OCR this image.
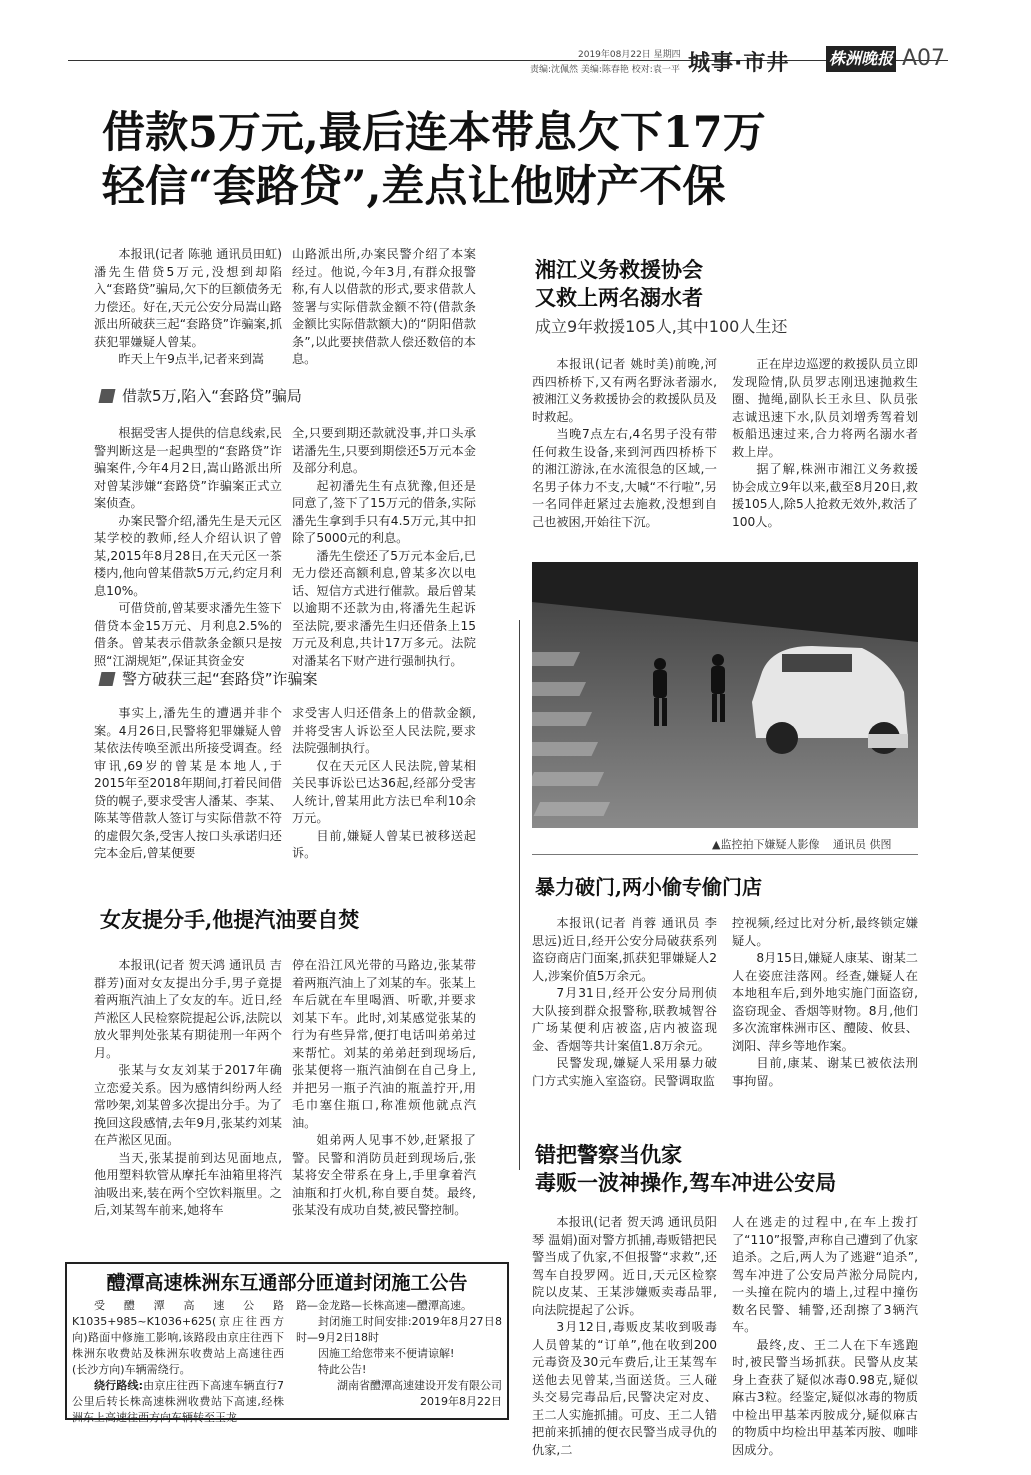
2019年08月22日 星期四
责编:沈佩然 美编:陈春艳 校对:袁一平 城事·市井 株洲晚报 A07
借款5万元,最后连本带息欠下17万
轻信“套路贷”,差点让他财产不保

本报讯(记者 陈驰 通讯员田虹)潘先生借贷5万元,没想到却陷入“套路贷”骗局,欠下的巨额债务无力偿还。好在,天元公安分局嵩山路派出所破获三起“套路贷”诈骗案,抓获犯罪嫌疑人曾某。

昨天上午9点半,记者来到嵩

山路派出所,办案民警介绍了本案经过。他说,今年3月,有群众报警称,有人以借款的形式,要求借款人签署与实际借款金额不符(借款条金额比实际借款额大)的“阴阳借款条”,以此要挟借款人偿还数倍的本息。

借款5万,陷入“套路贷”骗局

根据受害人提供的信息线索,民警判断这是一起典型的“套路贷”诈骗案件,今年4月2日,嵩山路派出所对曾某涉嫌“套路贷”诈骗案正式立案侦查。

办案民警介绍,潘先生是天元区某学校的教师,经人介绍认识了曾某,2015年8月28日,在天元区一茶楼内,他向曾某借款5万元,约定月利息10%。

可借贷前,曾某要求潘先生签下借贷本金15万元、月利息2.5%的借条。曾某表示借款条金额只是按照“江湖规矩”,保证其资金安

全,只要到期还款就没事,并口头承诺潘先生,只要到期偿还5万元本金及部分利息。

起初潘先生有点犹豫,但还是同意了,签下了15万元的借条,实际潘先生拿到手只有4.5万元,其中扣除了5000元的利息。

潘先生偿还了5万元本金后,已无力偿还高额利息,曾某多次以电话、短信方式进行催款。最后曾某以逾期不还款为由,将潘先生起诉至法院,要求潘先生归还借条上15万元及利息,共计17万多元。法院对潘某名下财产进行强制执行。

警方破获三起“套路贷”诈骗案

事实上,潘先生的遭遇并非个案。4月26日,民警将犯罪嫌疑人曾某依法传唤至派出所接受调查。经审讯,69岁的曾某是本地人,于2015年至2018年期间,打着民间借贷的幌子,要求受害人潘某、李某、陈某等借款人签订与实际借款不符的虚假欠条,受害人按口头承诺归还完本金后,曾某便要

求受害人归还借条上的借款金额,并将受害人诉讼至人民法院,要求法院强制执行。

仅在天元区人民法院,曾某相关民事诉讼已达36起,经部分受害人统计,曾某用此方法已牟利10余万元。

目前,嫌疑人曾某已被移送起诉。

湘江义务救援协会
又救上两名溺水者
成立9年救援105人,其中100人生还

本报讯(记者 姚时美)前晚,河西四桥桥下,又有两名野泳者溺水,被湘江义务救援协会的救援队员及时救起。

当晚7点左右,4名男子没有带任何救生设备,来到河西四桥桥下的湘江游泳,在水流很急的区域,一名男子体力不支,大喊“不行啦”,另一名同伴赶紧过去施救,没想到自己也被困,开始往下沉。

正在岸边巡逻的救援队员立即发现险情,队员罗志刚迅速抛救生圈、抛绳,副队长王永旦、队员张志诚迅速下水,队员刘增秀驾着划板船迅速过来,合力将两名溺水者救上岸。

据了解,株洲市湘江义务救援协会成立9年以来,截至8月20日,救援105人,除5人抢救无效外,救活了100人。

▲监控拍下嫌疑人影像 通讯员 供图
暴力破门,两小偷专偷门店

本报讯(记者 肖蓉 通讯员 李思远)近日,经开公安分局破获系列盗窃商店门面案,抓获犯罪嫌疑人2人,涉案价值5万余元。

7月31日,经开公安分局刑侦大队接到群众报警称,联教城智谷广场某便利店被盗,店内被盗现金、香烟等共计案值1.8万余元。

民警发现,嫌疑人采用暴力破门方式实施入室盗窃。民警调取监

控视频,经过比对分析,最终锁定嫌疑人。

8月15日,嫌疑人康某、谢某二人在姿庶洼落网。经查,嫌疑人在本地租车后,到外地实施门面盗窃,盗窃现金、香烟等财物。8月,他们多次流窜株洲市区、醴陵、攸县、浏阳、萍乡等地作案。

目前,康某、谢某已被依法刑事拘留。

女友提分手,他提汽油要自焚

本报讯(记者 贺天鸿 通讯员 吉群芳)面对女友提出分手,男子竟提着两瓶汽油上了女友的车。近日,经芦淞区人民检察院提起公诉,法院以放火罪判处张某有期徒刑一年两个月。

张某与女友刘某于2017年确立恋爱关系。因为感情纠纷两人经常吵架,刘某曾多次提出分手。为了挽回这段感情,去年9月,张某约刘某在芦淞区见面。

当天,张某提前到达见面地点,他用塑料软管从摩托车油箱里将汽油吸出来,装在两个空饮料瓶里。之后,刘某驾车前来,她将车

停在沿江风光带的马路边,张某带着两瓶汽油上了刘某的车。张某上车后就在车里喝酒、听歌,并要求刘某下车。此时,刘某感觉张某的行为有些异常,便打电话叫弟弟过来帮忙。刘某的弟弟赶到现场后,张某便将一瓶汽油倒在自己身上,并把另一瓶子汽油的瓶盖拧开,用毛巾塞住瓶口,称准烦他就点汽油。

姐弟两人见事不妙,赶紧报了警。民警和消防员赶到现场后,张某将安全带系在身上,手里拿着汽油瓶和打火机,称自要自焚。最终,张某没有成功自焚,被民警控制。

错把警察当仇家
毒贩一波神操作,驾车冲进公安局

本报讯(记者 贺天鸿 通讯员阳琴 温娟)面对警方抓捕,毒贩错把民警当成了仇家,不但报警“求救”,还驾车自投罗网。近日,天元区检察院以皮某、王某涉嫌贩卖毒品罪,向法院提起了公诉。

3月12日,毒贩皮某收到吸毒人员曾某的“订单”,他在收到200元毒资及30元车费后,让王某驾车送他去见曾某,当面送货。三人碰头交易完毒品后,民警决定对皮、王二人实施抓捕。可皮、王二人错把前来抓捕的便衣民警当成寻仇的仇家,二

人在逃走的过程中,在车上拨打了“110”报警,声称自己遭到了仇家追杀。之后,两人为了逃避“追杀”,驾车冲进了公安局芦淞分局院内,一头撞在院内的墙上,过程中撞伤数名民警、辅警,还刮擦了3辆汽车。

最终,皮、王二人在下车逃跑时,被民警当场抓获。民警从皮某身上查获了疑似冰毒0.98克,疑似麻古3粒。经鉴定,疑似冰毒的物质中检出甲基苯丙胺成分,疑似麻古的物质中均检出甲基苯丙胺、咖啡因成分。

醴潭高速株洲东互通部分匝道封闭施工公告
受醴潭高速公路K1035+985~K1036+625(京庄往西方向)路面中修施工影响,该路段由京庄往西下株洲东收费站及株洲东收费站上高速往西(长沙方向)车辆需绕行。
绕行路线:由京庄往西下高速车辆直行7公里后转长株高速株洲收费站下高速,经株洲东上高速往西方向车辆转至玉龙
路—金龙路—长株高速—醴潭高速。
封闭施工时间安排:2019年8月27日8时—9月2日18时
因施工给您带来不便请谅解!
特此公告!
湖南省醴潭高速建设开发有限公司
2019年8月22日
